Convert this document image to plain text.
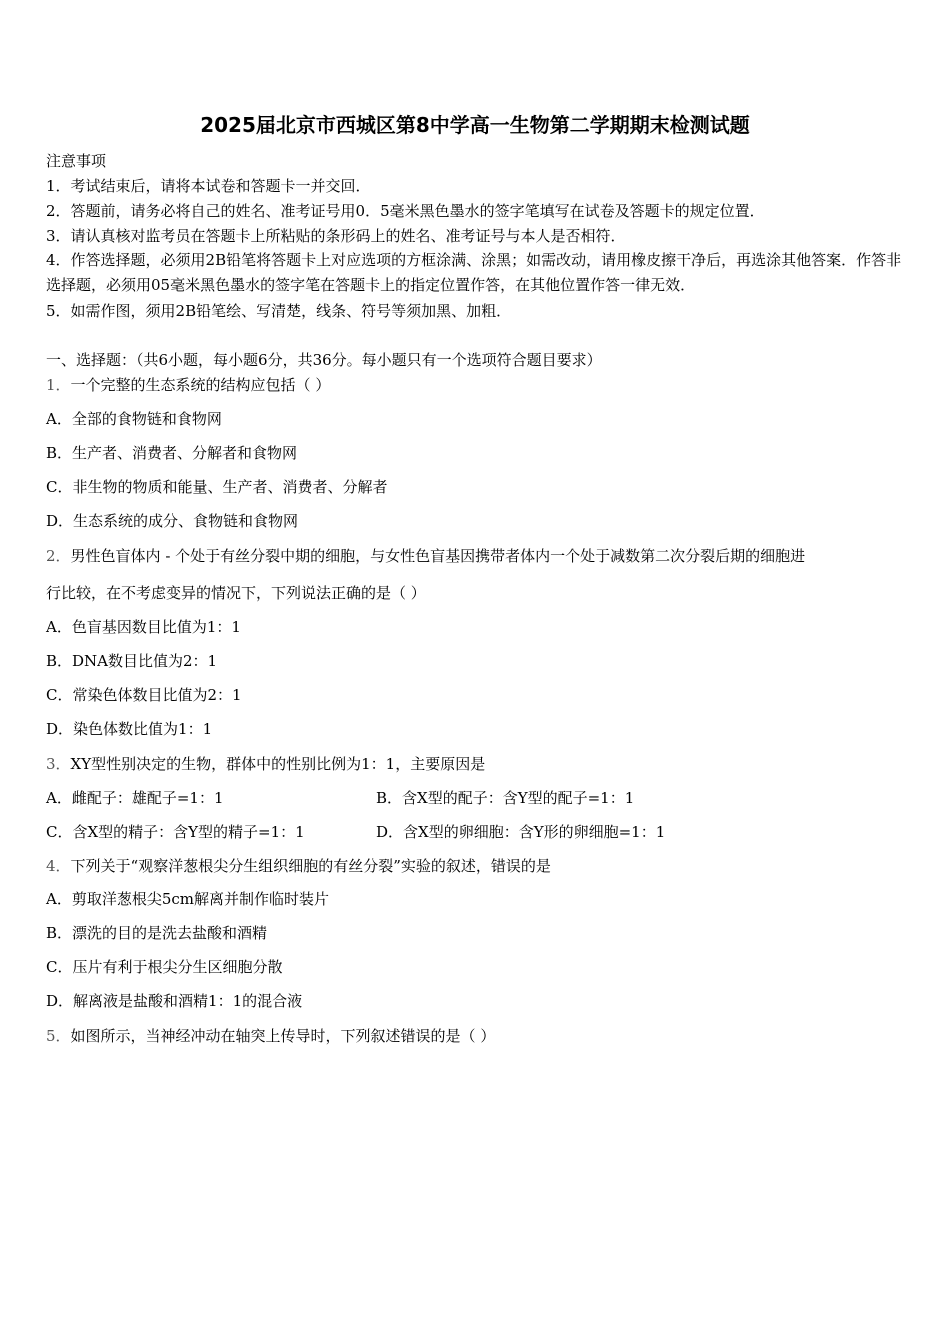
2025届北京市西城区第8中学高一生物第二学期期末检测试题
注意事项
1．考试结束后，请将本试卷和答题卡一并交回．
2．答题前，请务必将自己的姓名、准考证号用0．5毫米黑色墨水的签字笔填写在试卷及答题卡的规定位置．
3．请认真核对监考员在答题卡上所粘贴的条形码上的姓名、准考证号与本人是否相符．
4．作答选择题，必须用2B铅笔将答题卡上对应选项的方框涂满、涂黑；如需改动，请用橡皮擦干净后，再选涂其他答案．作答非选择题，必须用05毫米黑色墨水的签字笔在答题卡上的指定位置作答，在其他位置作答一律无效．
5．如需作图，须用2B铅笔绘、写清楚，线条、符号等须加黑、加粗．
一、选择题：（共6小题，每小题6分，共36分。每小题只有一个选项符合题目要求）
1．一个完整的生态系统的结构应包括（ ）
A．全部的食物链和食物网
B．生产者、消费者、分解者和食物网
C．非生物的物质和能量、生产者、消费者、分解者
D．生态系统的成分、食物链和食物网
2．男性色盲体内 - 个处于有丝分裂中期的细胞，与女性色盲基因携带者体内一个处于减数第二次分裂后期的细胞进
行比较，在不考虑变异的情况下，下列说法正确的是（ ）
A．色盲基因数目比值为1：1
B．DNA数目比值为2：1
C．常染色体数目比值为2：1
D．染色体数比值为1：1
3．XY型性别决定的生物，群体中的性别比例为1：1，主要原因是
A．雌配子：雄配子=1：1	B．含X型的配子：含Y型的配子=1：1
C．含X型的精子：含Y型的精子=1：1	D．含X型的卵细胞：含Y形的卵细胞=1：1
4．下列关于“观察洋葱根尖分生组织细胞的有丝分裂”实验的叙述，错误的是
A．剪取洋葱根尖5cm解离并制作临时装片
B．漂洗的目的是洗去盐酸和酒精
C．压片有利于根尖分生区细胞分散
D．解离液是盐酸和酒精1：1的混合液
5．如图所示，当神经冲动在轴突上传导时，下列叙述错误的是（ ）
